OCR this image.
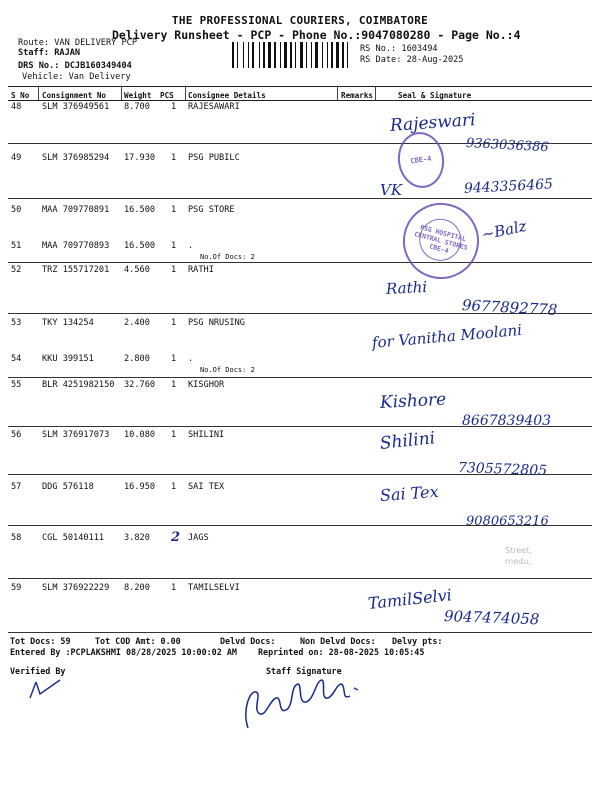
THE PROFESSIONAL COURIERS, COIMBATORE
Delivery Runsheet - PCP - Phone No.:9047080280 - Page No.:4
Route: VAN DELIVERY PCP
Staff: RAJAN
DRS No.: DCJB160349404
Vehicle: Van Delivery
RS No.: 1603494
RS Date: 28-Aug-2025
S No Consignment No Weight PCS Consignee Details	Remarks	Seal & Signature
48 SLM 376949561 8.700 1 RAJESAWARI
49 SLM 376985294 17.930 1 PSG PUBILC
50 MAA 709770891 16.500 1 PSG STORE
51 MAA 709770893 16.500 1 .
No.Of Docs: 2
52 TRZ 155717201 4.560 1 RATHI
53 TKY 134254	2.400 1 PSG NRUSING
54 KKU 399151	2.800 1 .
No.Of Docs: 2
55 BLR 4251982150 32.760 1 KISGHOR
56 SLM 376917073 10.080 1 SHILINI
57 DDG 576118	16.950 1 SAI TEX
58 CGL 50140111 3.820 2 JAGS
59 SLM 376922229 8.200 1 TAMILSELVI
CBE-4
PSG HOSPITAL CENTRAL STORES CBE-4
Street,
rnedu,
Rajeswari
9363036386
VK	9443356465
~Balz
Rathi
9677892778
for Vanitha Moolani
Kishore
8667839403
Shilini
7305572805
Sai Tex
9080653216
TamilSelvi
9047474058
Tot Docs: 59	Tot COD Amt: 0.00	Delvd Docs:	Non Delvd Docs: Delvy pts:
Entered By :PCPLAKSHMI 08/28/2025 10:00:02 AM	Reprinted on: 28-08-2025 10:05:45
Verified By	Staff Signature
